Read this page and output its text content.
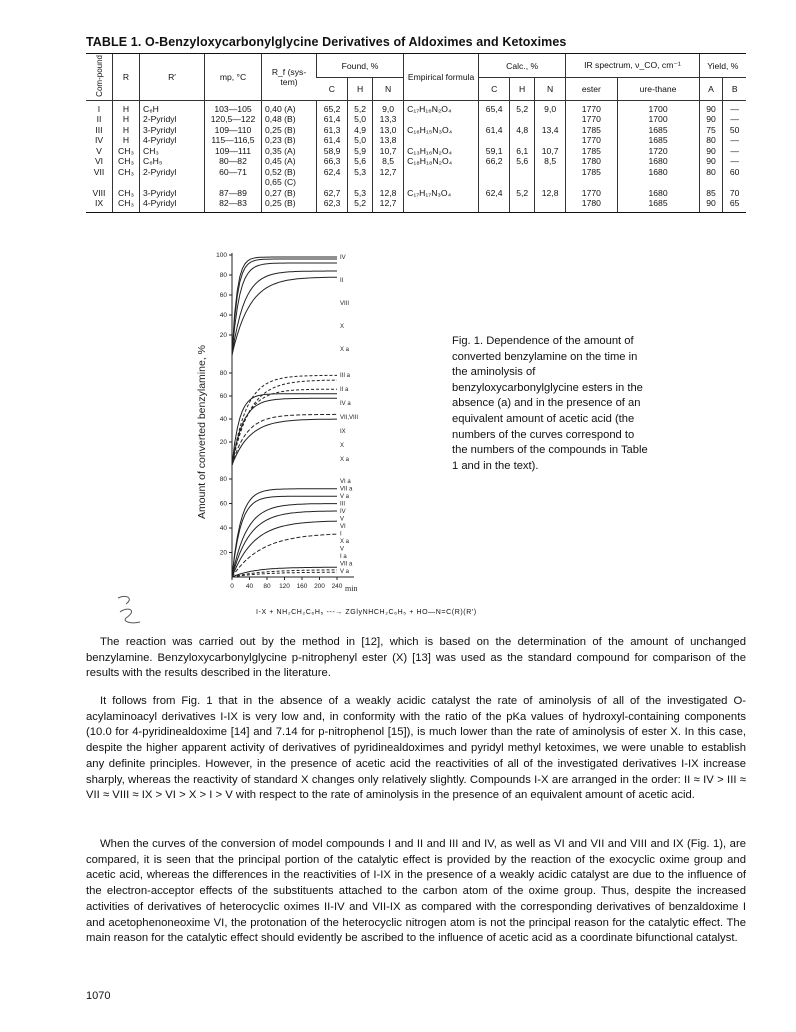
TABLE 1. O-Benzyloxycarbonylglycine Derivatives of Aldoximes and Ketoximes
Com-pound	R	R′	mp, °C	R_f (sys-tem)	Found, %			Empirical formula	Calc., %			IR spectrum, ν_CO, cm⁻¹		Yield, %	
					C	H	N		C	H	N	ester	ure-thane	A	B
I	H	C₆H	103—105	0,40 (A)	65,2	5,2	9,0	C₁₇H₁₆N₂O₄	65,4	5,2	9,0	1770	1700	90	—
II	H	2-Pyridyl	120,5—122	0,48 (B)	61,4	5,0	13,3					1770	1700	90	—
III	H	3-Pyridyl	109—110	0,25 (B)	61,3	4,9	13,0	C₁₆H₁₅N₃O₄	61,4	4,8	13,4	1785	1685	75	50
IV	H	4-Pyridyl	115—116,5	0,23 (B)	61,4	5,0	13,8					1770	1685	80	—
V	CH₃	CH₃	109—111	0,35 (A)	58,9	5,9	10,7	C₁₃H₁₆N₂O₄	59,1	6,1	10,7	1785	1720	90	—
VI	CH₃	C₆H₅	80—82	0,45 (A)	66,3	5,6	8,5	C₁₈H₁₈N₂O₄	66,2	5,6	8,5	1780	1680	90	—
VII	CH₃	2-Pyridyl	60—71	0,52 (B)
0,65 (C)	62,4	5,3	12,7					1785	1680	80	60
VIII	CH₃	3-Pyridyl	87—89	0,27 (B)	62,7	5,3	12,8	C₁₇H₁₇N₃O₄	62,4	5,2	12,8	1770	1680	85	70
IX	CH₃	4-Pyridyl	82—83	0,25 (B)	62,3	5,2	12,7					1780	1685	90	65
100
80
60
40
20
80
60
40
20
80
60
40
20
0 40 80 120 160 200 240
IV
II
VIII
X
X a
III a
II a
IV a
VII,VIII
IX
X
X a
VI a
VII a
V a
III
IV
V
VI
I
X a
V
I a
VII a
V a
Amount of converted benzylamine, %
min
Fig. 1. Dependence of the amount of converted benzylamine on the time in the aminolysis of benzyloxycarbonylglycine esters in the absence (a) and in the presence of an equivalent amount of acetic acid (the numbers of the curves correspond to the numbers of the compounds in Table 1 and in the text).
I-X + NH₂CH₂C₆H₅ ---→ ZGlyNHCH₂C₆H₅ + HO—N=C(R)(R′)

The reaction was carried out by the method in [12], which is based on the determination of the amount of unchanged benzylamine. Benzyloxycarbonylglycine p-nitrophenyl ester (X) [13] was used as the standard compound for comparison of the results with the results described in the literature.

It follows from Fig. 1 that in the absence of a weakly acidic catalyst the rate of aminolysis of all of the investigated O-acylaminoacyl derivatives I-IX is very low and, in conformity with the ratio of the pKa values of hydroxyl-containing components (10.0 for 4-pyridinealdoxime [14] and 7.14 for p-nitrophenol [15]), is much lower than the rate of aminolysis of ester X. In this case, despite the higher apparent activity of derivatives of pyridinealdoximes and pyridyl methyl ketoximes, we were unable to establish any definite principles. However, in the presence of acetic acid the reactivities of all of the investigated derivatives I-IX increase sharply, whereas the reactivity of standard X changes only relatively slightly. Compounds I-X are arranged in the order: II ≈ IV > III ≈ VII ≈ VIII ≈ IX > VI > X > I > V with respect to the rate of aminolysis in the presence of an equivalent amount of acetic acid.

When the curves of the conversion of model compounds I and II and III and IV, as well as VI and VII and VIII and IX (Fig. 1), are compared, it is seen that the principal portion of the catalytic effect is provided by the reaction of the exocyclic oxime group and acetic acid, whereas the differences in the reactivities of I-IX in the presence of a weakly acidic catalyst are due to the influence of the electron-acceptor effects of the substituents attached to the carbon atom of the oxime group. Thus, despite the increased activities of derivatives of heterocyclic oximes II-IV and VII-IX as compared with the corresponding derivatives of benzaldoxime I and acetophenoneoxime VI, the protonation of the heterocyclic nitrogen atom is not the principal reason for the catalytic effect. The main reason for the catalytic effect should evidently be ascribed to the influence of acetic acid as a coordinate bifunctional catalyst.

1070
